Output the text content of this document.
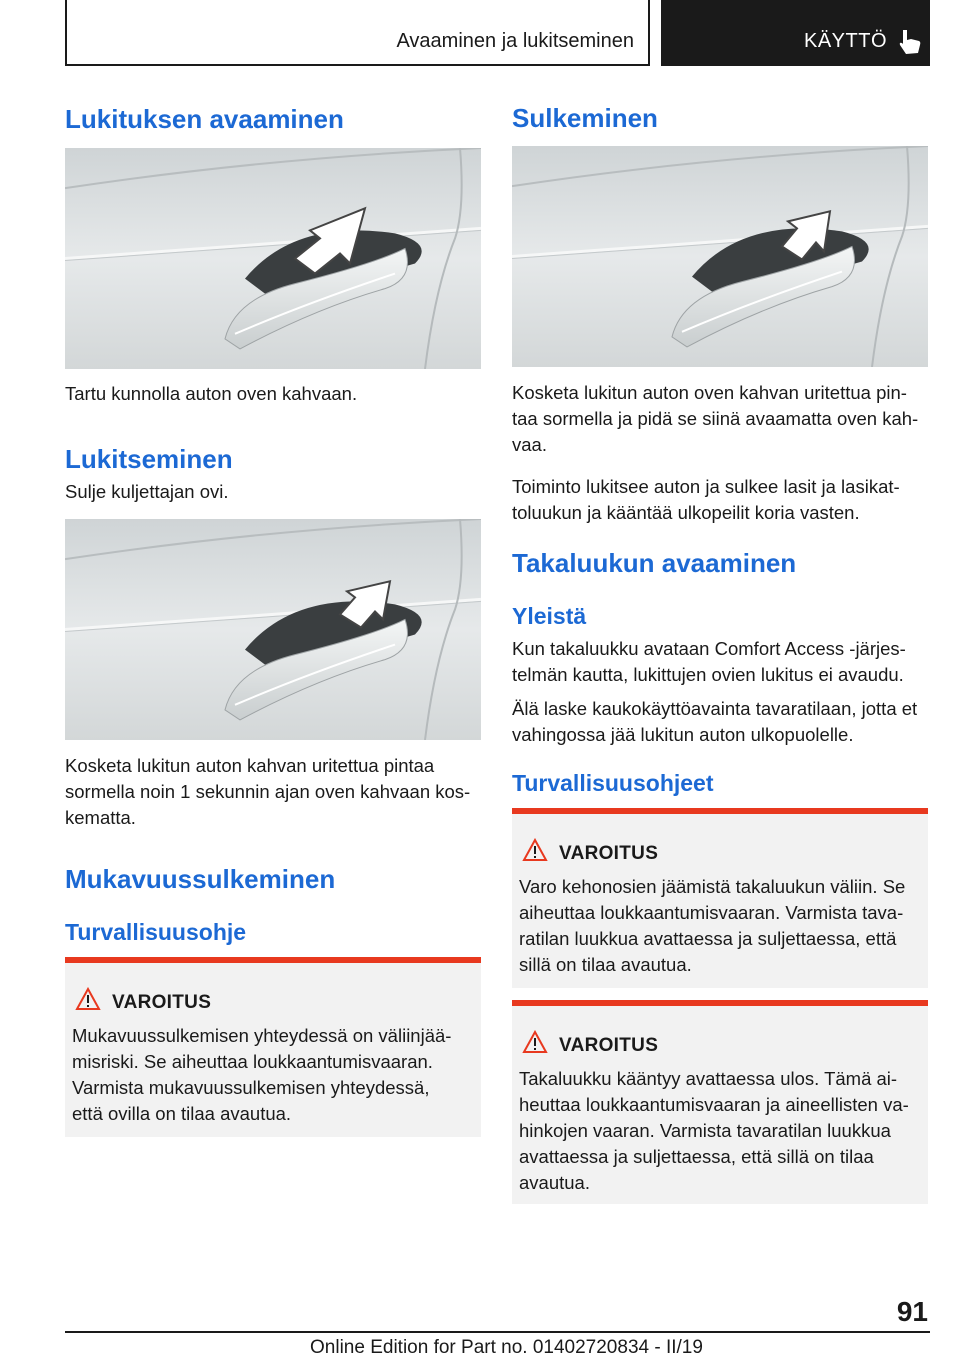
Avaaminen ja lukitseminen	KÄYTTÖ
Lukituksen avaaminen
Tartu kunnolla auton oven kahvaan.
Lukitseminen
Sulje kuljettajan ovi.
Kosketa lukitun auton kahvan uritettua pintaa
sormella noin 1 sekunnin ajan oven kahvaan kos-
kematta.
Mukavuussulkeminen
Turvallisuusohje
VAROITUS
Mukavuussulkemisen yhteydessä on väliinjää-
misriski. Se aiheuttaa loukkaantumisvaaran.
Varmista mukavuussulkemisen yhteydessä,
että ovilla on tilaa avautua.
Sulkeminen
Kosketa lukitun auton oven kahvan uritettua pin-
taa sormella ja pidä se siinä avaamatta oven kah-
vaa.
Toiminto lukitsee auton ja sulkee lasit ja lasikat-
toluukun ja kääntää ulkopeilit koria vasten.
Takaluukun avaaminen
Yleistä
Kun takaluukku avataan Comfort Access -järjes-
telmän kautta, lukittujen ovien lukitus ei avaudu.
Älä laske kaukokäyttöavainta tavaratilaan, jotta et
vahingossa jää lukitun auton ulkopuolelle.
Turvallisuusohjeet
VAROITUS
Varo kehonosien jäämistä takaluukun väliin. Se
aiheuttaa loukkaantumisvaaran. Varmista tava-
ratilan luukkua avattaessa ja suljettaessa, että
sillä on tilaa avautua.
VAROITUS
Takaluukku kääntyy avattaessa ulos. Tämä ai-
heuttaa loukkaantumisvaaran ja aineellisten va-
hinkojen vaaran. Varmista tavaratilan luukkua
avattaessa ja suljettaessa, että sillä on tilaa
avautua.
91
Online Edition for Part no. 01402720834 - II/19
